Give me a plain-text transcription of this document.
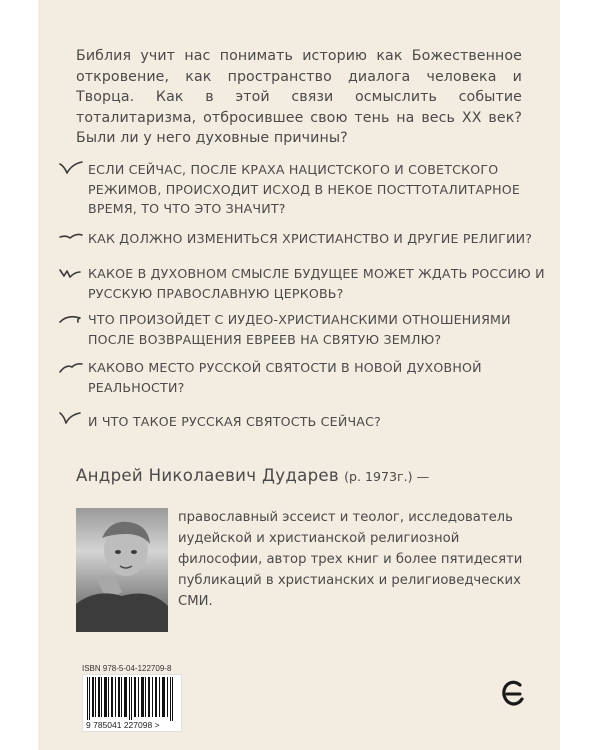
Библия учит нас понимать историю как Божественное откровение, как пространство диалога человека и Творца. Как в этой связи осмыслить событие тоталитаризма, отбросившее свою тень на весь XX век? Были ли у него духовные причины?
ЕСЛИ СЕЙЧАС, ПОСЛЕ КРАХА НАЦИСТСКОГО И СОВЕТСКОГО РЕЖИМОВ, ПРОИСХОДИТ ИСХОД В НЕКОЕ ПОСТТОТАЛИТАРНОЕ ВРЕМЯ, ТО ЧТО ЭТО ЗНАЧИТ?
КАК ДОЛЖНО ИЗМЕНИТЬСЯ ХРИСТИАНСТВО И ДРУГИЕ РЕЛИГИИ?
КАКОЕ В ДУХОВНОМ СМЫСЛЕ БУДУЩЕЕ МОЖЕТ ЖДАТЬ РОССИЮ И РУССКУЮ ПРАВОСЛАВНУЮ ЦЕРКОВЬ?
ЧТО ПРОИЗОЙДЕТ С ИУДЕО-ХРИСТИАНСКИМИ ОТНОШЕНИЯМИ ПОСЛЕ ВОЗВРАЩЕНИЯ ЕВРЕЕВ НА СВЯТУЮ ЗЕМЛЮ?
КАКОВО МЕСТО РУССКОЙ СВЯТОСТИ В НОВОЙ ДУХОВНОЙ РЕАЛЬНОСТИ?
И ЧТО ТАКОЕ РУССКАЯ СВЯТОСТЬ СЕЙЧАС?
Андрей Николаевич Дударев (р. 1973г.) —
православный эссеист и теолог, исследователь иудейской и христианской религиозной философии, автор трех книг и более пятидесяти публикаций в христианских и религиоведческих СМИ.
ISBN 978-5-04-122709-8
9 785041 227098 >
